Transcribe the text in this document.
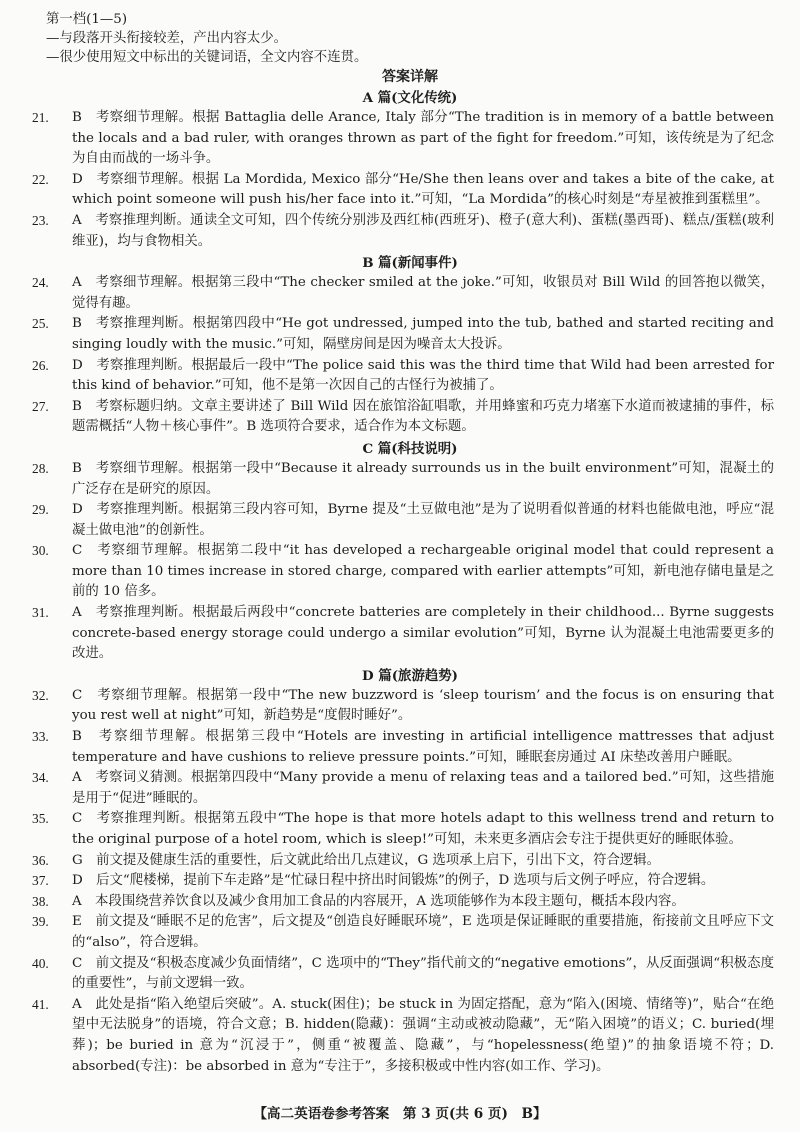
第一档(1—5)

—与段落开头衔接较差，产出内容太少。

—很少使用短文中标出的关键词语，全文内容不连贯。

答案详解
A 篇(文化传统)
21.	B　考察细节理解。根据 Battaglia delle Arance, Italy 部分“The tradition is in memory of a battle between the locals and a bad ruler, with oranges thrown as part of the fight for freedom.”可知，该传统是为了纪念为自由而战的一场斗争。
22.	D　考察细节理解。根据 La Mordida, Mexico 部分“He/She then leans over and takes a bite of the cake, at which point someone will push his/her face into it.”可知，“La Mordida”的核心时刻是“寿星被推到蛋糕里”。
23.	A　考察推理判断。通读全文可知，四个传统分别涉及西红柿(西班牙)、橙子(意大利)、蛋糕(墨西哥)、糕点/蛋糕(玻利维亚)，均与食物相关。
B 篇(新闻事件)
24.	A　考察细节理解。根据第三段中“The checker smiled at the joke.”可知，收银员对 Bill Wild 的回答抱以微笑，觉得有趣。
25.	B　考察推理判断。根据第四段中“He got undressed, jumped into the tub, bathed and started reciting and singing loudly with the music.”可知，隔壁房间是因为噪音太大投诉。
26.	D　考察推理判断。根据最后一段中“The police said this was the third time that Wild had been arrested for this kind of behavior.”可知，他不是第一次因自己的古怪行为被捕了。
27.	B　考察标题归纳。文章主要讲述了 Bill Wild 因在旅馆浴缸唱歌，并用蜂蜜和巧克力堵塞下水道而被逮捕的事件，标题需概括“人物＋核心事件”。B 选项符合要求，适合作为本文标题。
C 篇(科技说明)
28.	B　考察细节理解。根据第一段中“Because it already surrounds us in the built environment”可知，混凝土的广泛存在是研究的原因。
29.	D　考察推理判断。根据第三段内容可知，Byrne 提及“土豆做电池”是为了说明看似普通的材料也能做电池，呼应“混凝土做电池”的创新性。
30.	C　考察细节理解。根据第二段中“it has developed a rechargeable original model that could represent a more than 10 times increase in stored charge, compared with earlier attempts”可知，新电池存储电量是之前的 10 倍多。
31.	A　考察推理判断。根据最后两段中“concrete batteries are completely in their childhood... Byrne suggests concrete-based energy storage could undergo a similar evolution”可知，Byrne 认为混凝土电池需要更多的改进。
D 篇(旅游趋势)
32.	C　考察细节理解。根据第一段中“The new buzzword is ‘sleep tourism’ and the focus is on ensuring that you rest well at night”可知，新趋势是“度假时睡好”。
33.	B　考察细节理解。根据第三段中“Hotels are investing in artificial intelligence mattresses that adjust temperature and have cushions to relieve pressure points.”可知，睡眠套房通过 AI 床垫改善用户睡眠。
34.	A　考察词义猜测。根据第四段中“Many provide a menu of relaxing teas and a tailored bed.”可知，这些措施是用于“促进”睡眠的。
35.	C　考察推理判断。根据第五段中“The hope is that more hotels adapt to this wellness trend and return to the original purpose of a hotel room, which is sleep!”可知，未来更多酒店会专注于提供更好的睡眠体验。
36.	G　前文提及健康生活的重要性，后文就此给出几点建议，G 选项承上启下，引出下文，符合逻辑。
37.	D　后文“爬楼梯，提前下车走路”是“忙碌日程中挤出时间锻炼”的例子，D 选项与后文例子呼应，符合逻辑。
38.	A　本段围绕营养饮食以及减少食用加工食品的内容展开，A 选项能够作为本段主题句，概括本段内容。
39.	E　前文提及“睡眠不足的危害”，后文提及“创造良好睡眠环境”，E 选项是保证睡眠的重要措施，衔接前文且呼应下文的“also”，符合逻辑。
40.	C　前文提及“积极态度减少负面情绪”，C 选项中的“They”指代前文的“negative emotions”，从反面强调“积极态度的重要性”，与前文逻辑一致。
41.	A　此处是指“陷入绝望后突破”。A. stuck(困住)；be stuck in 为固定搭配，意为“陷入(困境、情绪等)”，贴合“在绝望中无法脱身”的语境，符合文意；B. hidden(隐藏)：强调“主动或被动隐藏”，无“陷入困境”的语义；C. buried(埋葬)；be buried in 意为“沉浸于”，侧重“被覆盖、隐藏”，与“hopelessness(绝望)”的抽象语境不符；D. absorbed(专注)：be absorbed in 意为“专注于”，多接积极或中性内容(如工作、学习)。
【高二英语卷参考答案　第 3 页(共 6 页)　B】
